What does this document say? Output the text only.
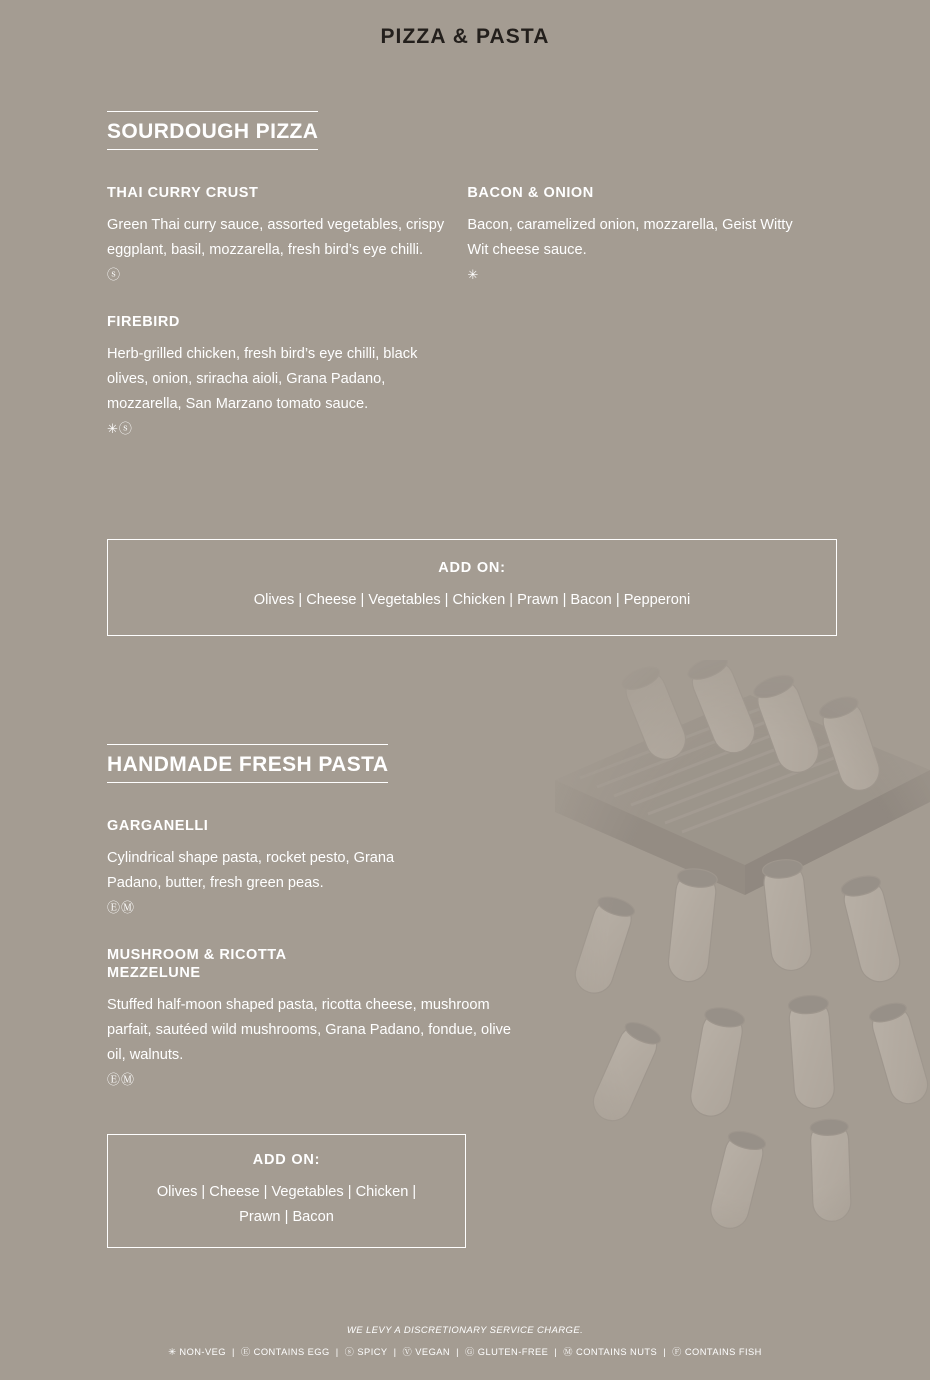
PIZZA & PASTA
SOURDOUGH PIZZA
THAI CURRY CRUST

Green Thai curry sauce, assorted vegetables, crispy eggplant, basil, mozzarella, fresh bird’s eye chilli.

ⓢ
FIREBIRD

Herb-grilled chicken, fresh bird’s eye chilli, black olives, onion, sriracha aioli, Grana Padano, mozzarella, San Marzano tomato sauce.

✳ⓢ
BACON & ONION

Bacon, caramelized onion, mozzarella, Geist Witty Wit cheese sauce.

✳
ADD ON:
Olives | Cheese | Vegetables | Chicken | Prawn | Bacon | Pepperoni
HANDMADE FRESH PASTA
GARGANELLI

Cylindrical shape pasta, rocket pesto, Grana Padano, butter, fresh green peas.

ⒺⓂ
MUSHROOM & RICOTTA MEZZELUNE

Stuffed half-moon shaped pasta, ricotta cheese, mushroom parfait, sautéed wild mushrooms, Grana Padano, fondue, olive oil, walnuts.

ⒺⓂ
ADD ON:
Olives | Cheese | Vegetables | Chicken |
Prawn | Bacon
WE LEVY A DISCRETIONARY SERVICE CHARGE.
✳ NON-VEG | Ⓔ CONTAINS EGG | ⓢ SPICY | Ⓥ VEGAN | Ⓖ GLUTEN-FREE | Ⓜ CONTAINS NUTS | Ⓕ CONTAINS FISH
